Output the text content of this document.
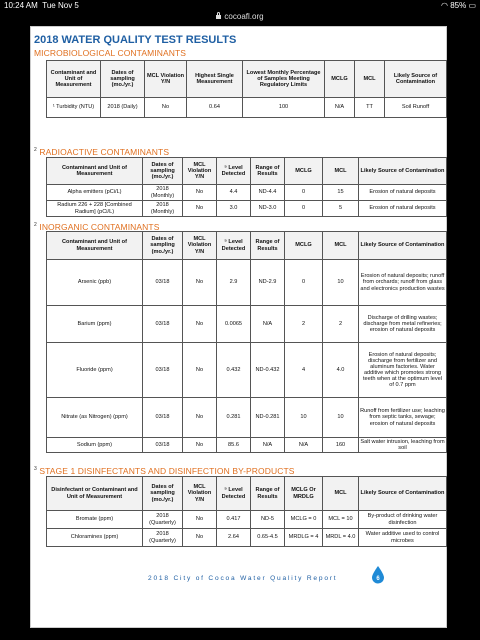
10:24 AM Tue Nov 5	◠ 85% ▭
cocoafl.org
2018 WATER QUALITY TEST RESULTS
MICROBIOLOGICAL CONTAMINANTS
Contaminant and Unit of Measurement	Dates of sampling (mo./yr.)	MCL Violation Y/N	Highest Single Measurement	Lowest Monthly Percentage of Samples Meeting Regulatory Limits	MCLG	MCL	Likely Source of Contamination
¹ Turbidity (NTU)	2018 (Daily)	No	0.64	100	N/A	TT	Soil Runoff
$^2$ RADIOACTIVE CONTAMINANTS
Contaminant and Unit of Measurement	Dates of sampling (mo./yr.)	MCL Violation Y/N	⁵ Level Detected	Range of Results	MCLG	MCL	Likely Source of Contamination
Alpha emitters (pCi/L)	2018 (Monthly)	No	4.4	ND-4.4	0	15	Erosion of natural deposits
Radium 226 + 228 [Combined Radium] (pCi/L)	2018 (Monthly)	No	3.0	ND-3.0	0	5	Erosion of natural deposits
$^2$ INORGANIC CONTAMINANTS
Contaminant and Unit of Measurement	Dates of sampling (mo./yr.)	MCL Violation Y/N	⁵ Level Detected	Range of Results	MCLG	MCL	Likely Source of Contamination
Arsenic (ppb)	03/18	No	2.9	ND-2.9	0	10	Erosion of natural deposits; runoff from orchards; runoff from glass and electronics production wastes
Barium (ppm)	03/18	No	0.0065	N/A	2	2	Discharge of drilling wastes; discharge from metal refineries; erosion of natural deposits
Fluoride (ppm)	03/18	No	0.432	ND-0.432	4	4.0	Erosion of natural deposits; discharge from fertilizer and aluminum factories. Water additive which promotes strong teeth when at the optimum level of 0.7 ppm
Nitrate (as Nitrogen) (ppm)	03/18	No	0.281	ND-0.281	10	10	Runoff from fertilizer use; leaching from septic tanks, sewage; erosion of natural deposits
Sodium (ppm)	03/18	No	85.6	N/A	N/A	160	Salt water intrusion, leaching from soil
$^3$ STAGE 1 DISINFECTANTS AND DISINFECTION BY-PRODUCTS
Disinfectant or Contaminant and Unit of Measurement	Dates of sampling (mo./yr.)	MCL Violation Y/N	⁵ Level Detected	Range of Results	MCLG Or MRDLG	MCL	Likely Source of Contamination
Bromate (ppm)	2018 (Quarterly)	No	0.417	ND-5	MCLG = 0	MCL = 10	By-product of drinking water disinfection
Chloramines (ppm)	2018 (Quarterly)	No	2.64	0.65-4.5	MRDLG = 4	MRDL = 4.0	Water additive used to control microbes
2018 City of Cocoa Water Quality Report	6
